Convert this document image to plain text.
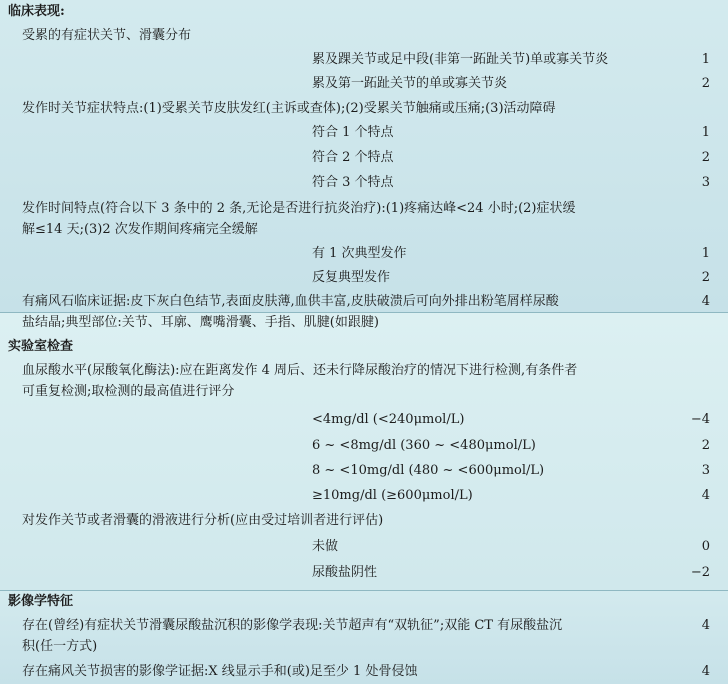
临床表现:
受累的有症状关节、滑囊分布
累及踝关节或足中段(非第一跖趾关节)单或寡关节炎	1
累及第一跖趾关节的单或寡关节炎	2
发作时关节症状特点:(1)受累关节皮肤发红(主诉或查体);(2)受累关节触痛或压痛;(3)活动障碍
符合 1 个特点	1
符合 2 个特点	2
符合 3 个特点	3
发作时间特点(符合以下 3 条中的 2 条,无论是否进行抗炎治疗):(1)疼痛达峰<24 小时;(2)症状缓
解≤14 天;(3)2 次发作期间疼痛完全缓解
有 1 次典型发作	1
反复典型发作	2
有痛风石临床证据:皮下灰白色结节,表面皮肤薄,血供丰富,皮肤破溃后可向外排出粉笔屑样尿酸	4
盐结晶;典型部位:关节、耳廓、鹰嘴滑囊、手指、肌腱(如跟腱)
实验室检查
血尿酸水平(尿酸氧化酶法):应在距离发作 4 周后、还未行降尿酸治疗的情况下进行检测,有条件者
可重复检测;取检测的最高值进行评分
<4mg/dl (<240μmol/L)	−4
6 ~ <8mg/dl (360 ~ <480μmol/L)	2
8 ~ <10mg/dl (480 ~ <600μmol/L)	3
≥10mg/dl (≥600μmol/L)	4
对发作关节或者滑囊的滑液进行分析(应由受过培训者进行评估)
未做	0
尿酸盐阴性	−2
影像学特征
存在(曾经)有症状关节滑囊尿酸盐沉积的影像学表现:关节超声有“双轨征”;双能 CT 有尿酸盐沉	4
积(任一方式)
存在痛风关节损害的影像学证据:X 线显示手和(或)足至少 1 处骨侵蚀	4
